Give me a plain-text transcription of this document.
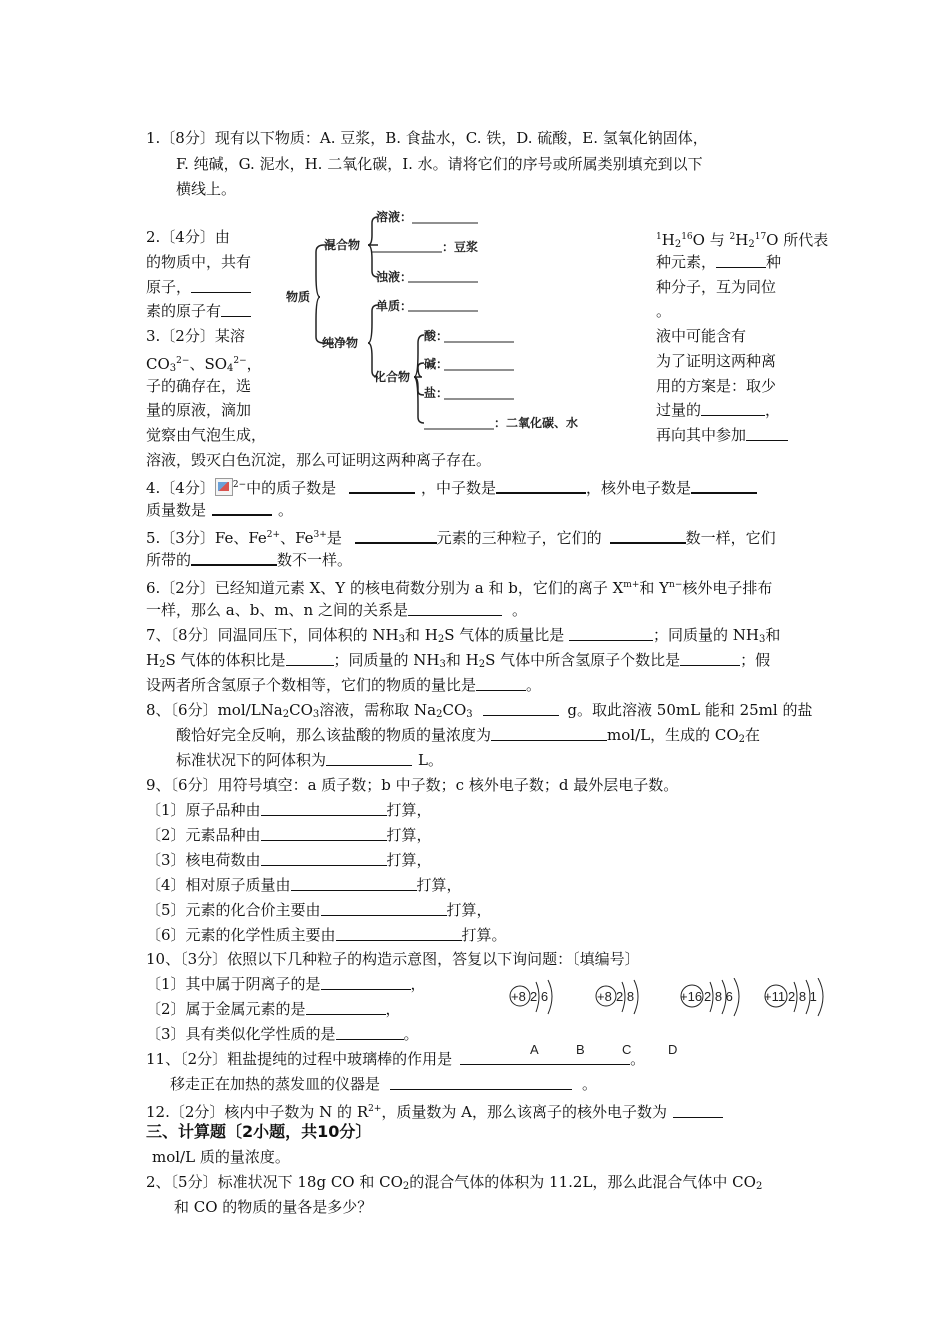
1.〔8分〕现有以下物质：A. 豆浆，B. 食盐水，C. 铁，D. 硫酸，E. 氢氧化钠固体，
F. 纯碱，G. 泥水，H. 二氧化碳，I. 水。请将它们的序号或所属类别填充到以下
横线上。
物质
混合物
溶液：
：豆浆
浊液：
纯净物
单质：
化合物
酸：
碱：
盐：
：二氧化碳、水
2.〔4分〕由
的物质中，共有
原子，
素的原子有
$^1H_2^{16}O$ 与 $^2H_2^{17}O$ 所代表
种元素，	种
种分子，互为同位
。
3.〔2分〕某溶
$CO_3^{2-}$、$SO_4^{2-}$，
子的确存在，选
量的原液，滴加
觉察由气泡生成，
液中可能含有
为了证明这两种离
用的方案是：取少
过量的	，
再向其中参加
溶液，毁灭白色沉淀，那么可证明这两种离子存在。
4.〔4分〕 $^{2-}$中的质子数是	，中子数是	，核外电子数是
质量数是	。
5.〔3分〕Fe、$Fe^{2+}$、$Fe^{3+}$是	元素的三种粒子，它们的	数一样，它们
所带的	数不一样。
6.〔2分〕已经知道元素 X、Y 的核电荷数分别为 a 和 b，它们的离子 $X^{m+}$和 $Y^{n-}$核外电子排布
一样，那么 a、b、m、n 之间的关系是	。
7、〔8分〕同温同压下，同体积的 $NH_3$和 $H_2S$ 气体的质量比是	；同质量的 $NH_3$和
$H_2S$ 气体的体积比是	；同质量的 $NH_3$和 $H_2S$ 气体中所含氢原子个数比是	；假
设两者所含氢原子个数相等，它们的物质的量比是	。
8、〔6分〕mol/$LNa_2CO_3$溶液，需称取 $Na_2CO_3$	g。取此溶液 50mL 能和 25ml 的盐
酸恰好完全反响，那么该盐酸的物质的量浓度为	mol/L，生成的 $CO_2$在
标准状况下的阿体积为	L。
9、〔6分〕用符号填空：a 质子数；b 中子数；c 核外电子数；d 最外层电子数。
〔1〕原子品种由	打算，
〔2〕元素品种由	打算，
〔3〕核电荷数由	打算，
〔4〕相对原子质量由	打算，
〔5〕元素的化合价主要由	打算，
〔6〕元素的化学性质主要由	打算。
10、〔3分〕依照以下几种粒子的构造示意图，答复以下询问题：〔填编号〕
〔1〕其中属于阴离子的是	，
〔2〕属于金属元素的是	，
〔3〕具有类似化学性质的是	。
+8 2 6	+8 2 8	+16 2 8 6 +11 2 8 1
A	B	C	D
11、〔2分〕粗盐提纯的过程中玻璃棒的作用是	。
移走正在加热的蒸发皿的仪器是	。
12.〔2分〕核内中子数为 N 的 $R^{2+}$，质量数为 A，那么该离子的核外电子数为
三、计算题〔2小题，共10分〕
mol/L 质的量浓度。
2、〔5分〕标准状况下 18g CO 和 $CO_2$的混合气体的体积为 11.2L，那么此混合气体中 $CO_2$
和 CO 的物质的量各是多少？
